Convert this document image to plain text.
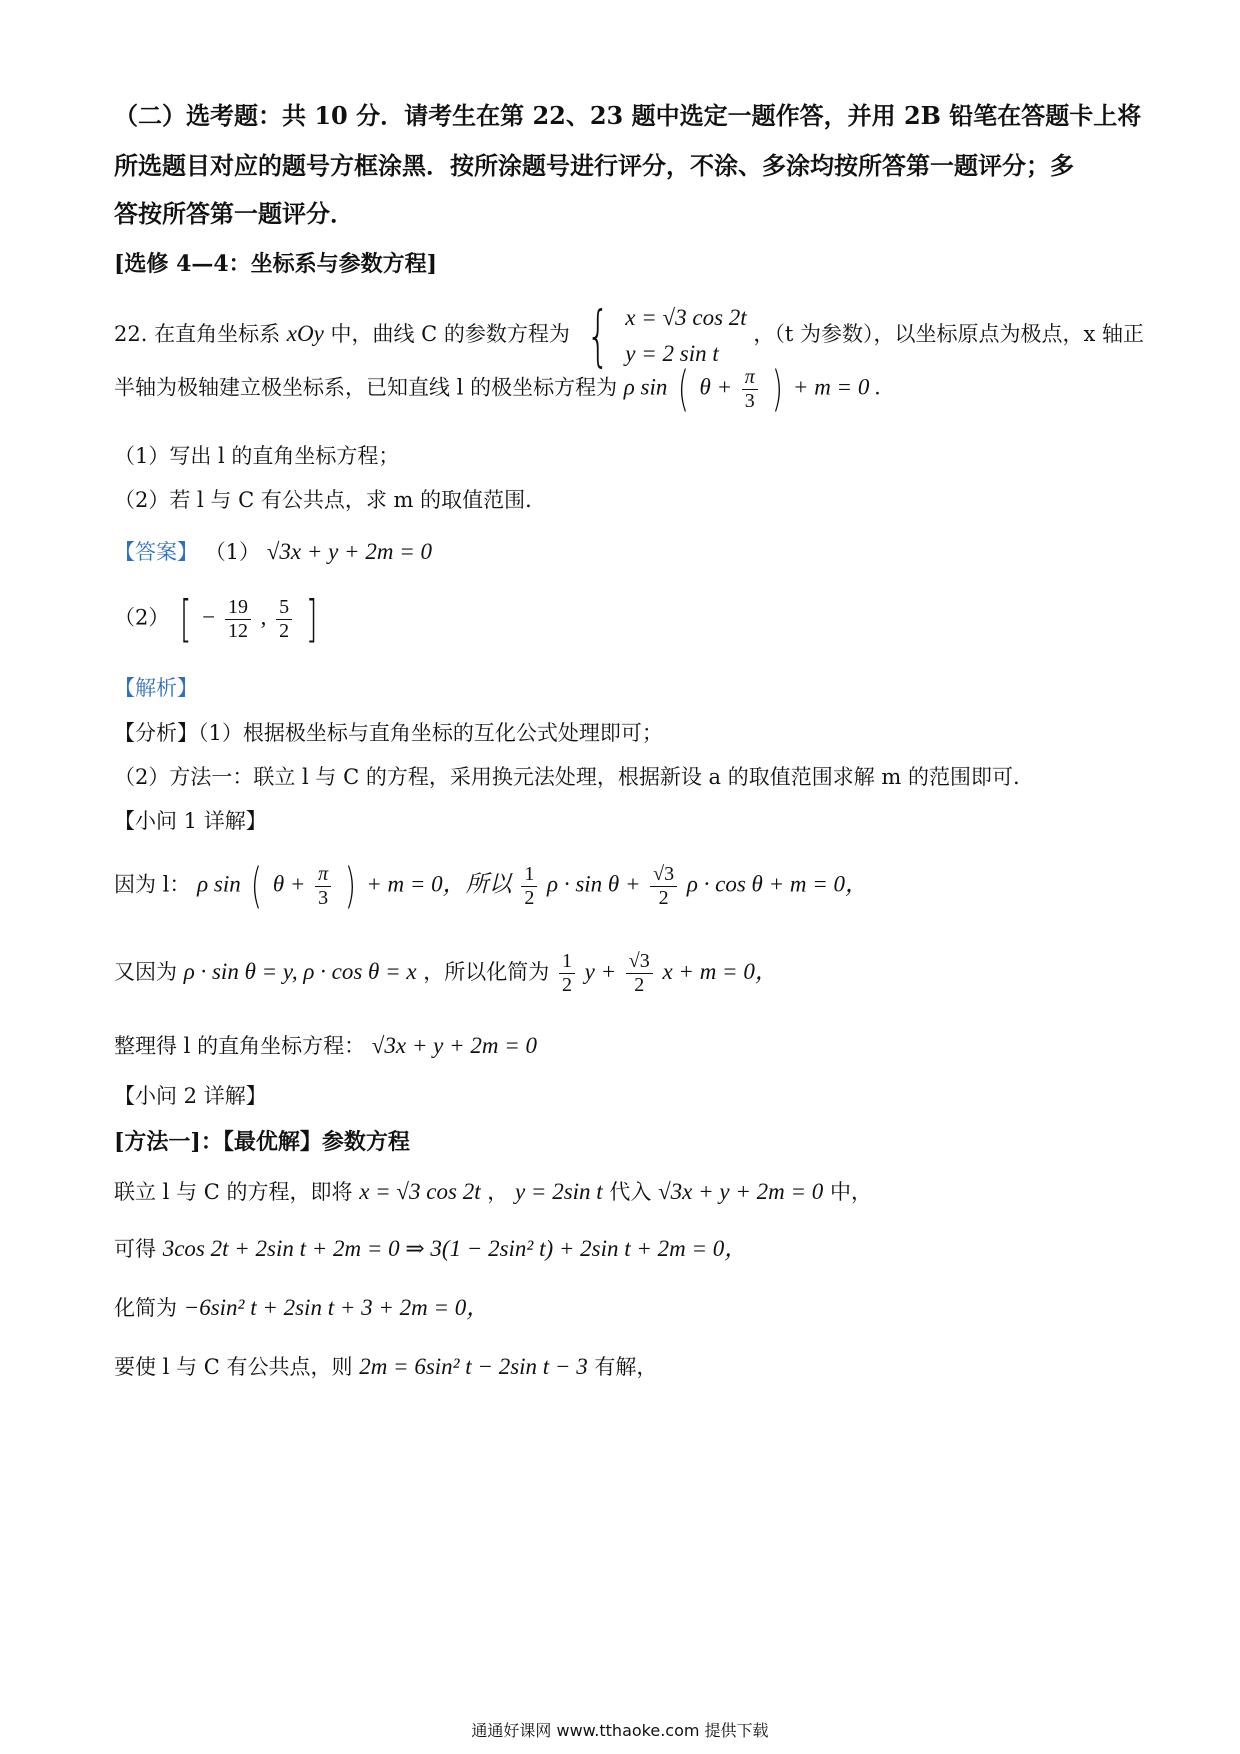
（二）选考题：共 10 分．请考生在第 22、23 题中选定一题作答，并用 2B 铅笔在答题卡上将
所选题目对应的题号方框涂黑．按所涂题号进行评分，不涂、多涂均按所答第一题评分；多
答按所答第一题评分．
[选修 4—4：坐标系与参数方程]
22. 在直角坐标系 xOy 中，曲线 C 的参数方程为 { x = √3 cos 2t
y = 2 sin t
，（t 为参数），以坐标原点为极点，x 轴正
半轴为极轴建立极坐标系，已知直线 l 的极坐标方程为 ρ sin ( $\theta + \frac{\pi}{3}$ ) + m = 0 .
（1）写出 l 的直角坐标方程；
（2）若 l 与 C 有公共点，求 m 的取值范围．
【答案】 （1） √3x + y + 2m = 0
（2） [ − $\frac{19}{12}$ , $\frac{5}{2}$ ]
【解析】
【分析】（1）根据极坐标与直角坐标的互化公式处理即可；
（2）方法一：联立 l 与 C 的方程，采用换元法处理，根据新设 a 的取值范围求解 m 的范围即可.
【小问 1 详解】
因为 l： ρ sin ( $\theta + \frac{\pi}{3}$ ) + m = 0，所以 $\frac{1}{2}$ $\rho \cdot \sin \theta + \frac{√3}{2}$ ρ · cos θ + m = 0，
又因为 ρ · sin θ = y, ρ · cos θ = x ，所以化简为 $\frac{1}{2}$ $y + \frac{√3}{2}$ x + m = 0，
整理得 l 的直角坐标方程： √3x + y + 2m = 0
【小问 2 详解】
[方法一]：【最优解】参数方程
联立 l 与 C 的方程，即将 x = √3 cos 2t ， y = 2sin t 代入 √3x + y + 2m = 0 中，
可得 3cos 2t + 2sin t + 2m = 0 ⇒ 3(1 − 2sin² t) + 2sin t + 2m = 0，
化简为 −6sin² t + 2sin t + 3 + 2m = 0，
要使 l 与 C 有公共点，则 2m = 6sin² t − 2sin t − 3 有解，
通通好课网 www.tthaoke.com 提供下载
